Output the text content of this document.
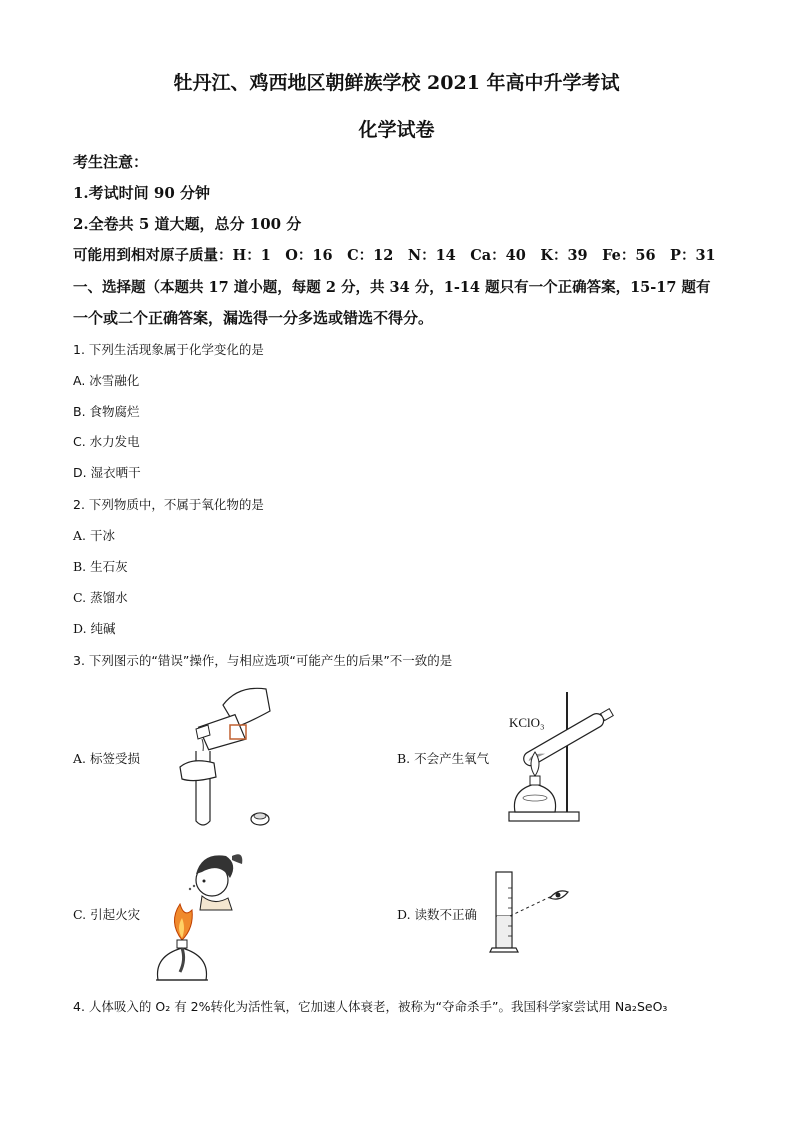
牡丹江、鸡西地区朝鲜族学校 2021 年高中升学考试
化学试卷
考生注意：
1.考试时间 90 分钟
2.全卷共 5 道大题，总分 100 分
可能用到相对原子质量：H：1　O：16　C：12　N：14　Ca：40　K：39　Fe：56　P：31
一、选择题（本题共 17 道小题，每题 2 分，共 34 分，1-14 题只有一个正确答案，15-17 题有
一个或二个正确答案，漏选得一分多选或错选不得分。
1. 下列生活现象属于化学变化的是
A. 冰雪融化
B. 食物腐烂
C. 水力发电
D. 湿衣晒干
2. 下列物质中，不属于氧化物的是
A. 干冰
B. 生石灰
C. 蒸馏水
D. 纯碱
3. 下列图示的“错误”操作，与相应选项“可能产生的后果”不一致的是
A. 标签受损	B. 不会产生氧气
C. 引起火灾	D. 读数不正确
KClO₃
4. 人体吸入的 O₂ 有 2%转化为活性氧，它加速人体衰老，被称为“夺命杀手”。我国科学家尝试用 Na₂SeO₃
